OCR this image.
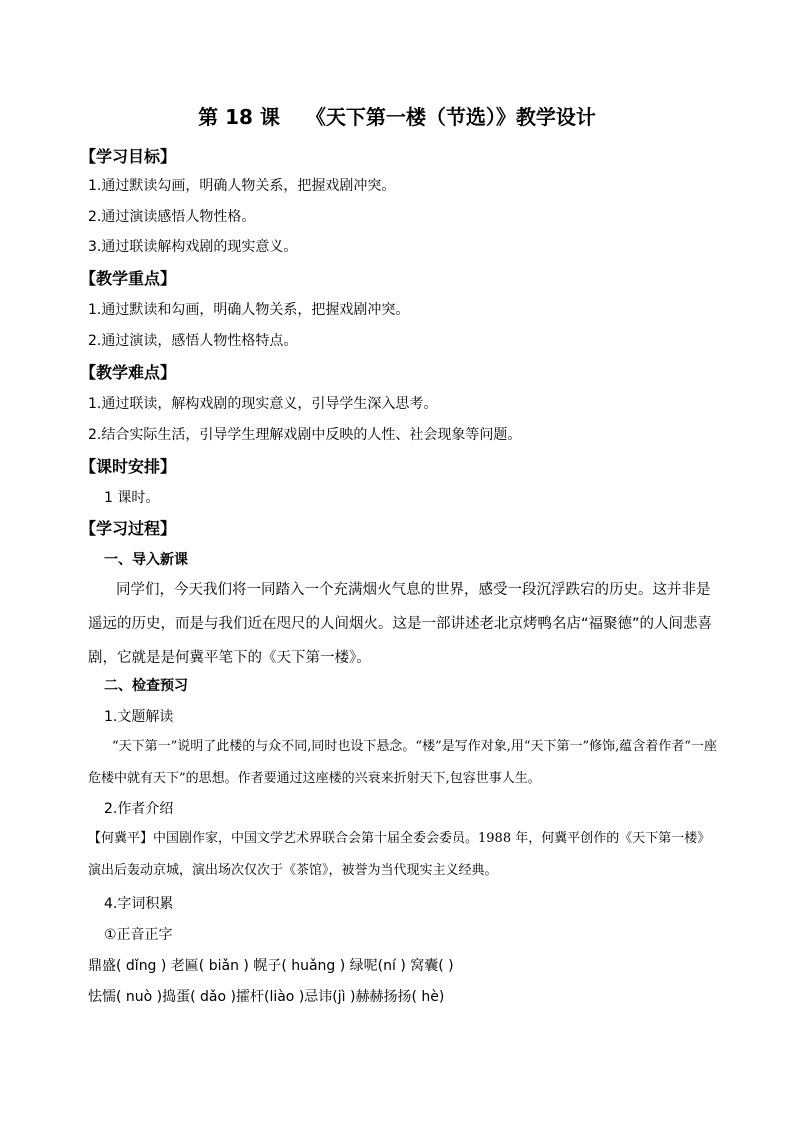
第 18 课 《天下第一楼（节选）》教学设计
【学习目标】
1.通过默读勾画，明确人物关系，把握戏剧冲突。
2.通过演读感悟人物性格。
3.通过联读解构戏剧的现实意义。
【教学重点】
1.通过默读和勾画，明确人物关系，把握戏剧冲突。
2.通过演读，感悟人物性格特点。
【教学难点】
1.通过联读，解构戏剧的现实意义，引导学生深入思考。
2.结合实际生活，引导学生理解戏剧中反映的人性、社会现象等问题。
【课时安排】
1 课时。
【学习过程】
一、导入新课
同学们，今天我们将一同踏入一个充满烟火气息的世界，感受一段沉浮跌宕的历史。这并非是遥远的历史，而是与我们近在咫尺的人间烟火。这是一部讲述老北京烤鸭名店“福聚德”的人间悲喜剧，它就是是何冀平笔下的《天下第一楼》。
二、检查预习
1.文题解读
“天下第一”说明了此楼的与众不同,同时也设下悬念。“楼”是写作对象,用“天下第一”修饰,蕴含着作者“一座危楼中就有天下”的思想。作者要通过这座楼的兴衰来折射天下,包容世事人生。
2.作者介绍
【何冀平】中国剧作家，中国文学艺术界联合会第十届全委会委员。1988 年，何冀平创作的《天下第一楼》演出后轰动京城，演出场次仅次于《茶馆》，被誉为当代现实主义经典。
4.字词积累
①正音正字
鼎盛( dǐng ) 老匾( biǎn ) 幌子( huǎng ) 绿呢(ní ) 窝囊( )
怯懦( nuò )捣蛋( dǎo )攉杆(liào )忌讳(jì )赫赫扬扬( hè)
